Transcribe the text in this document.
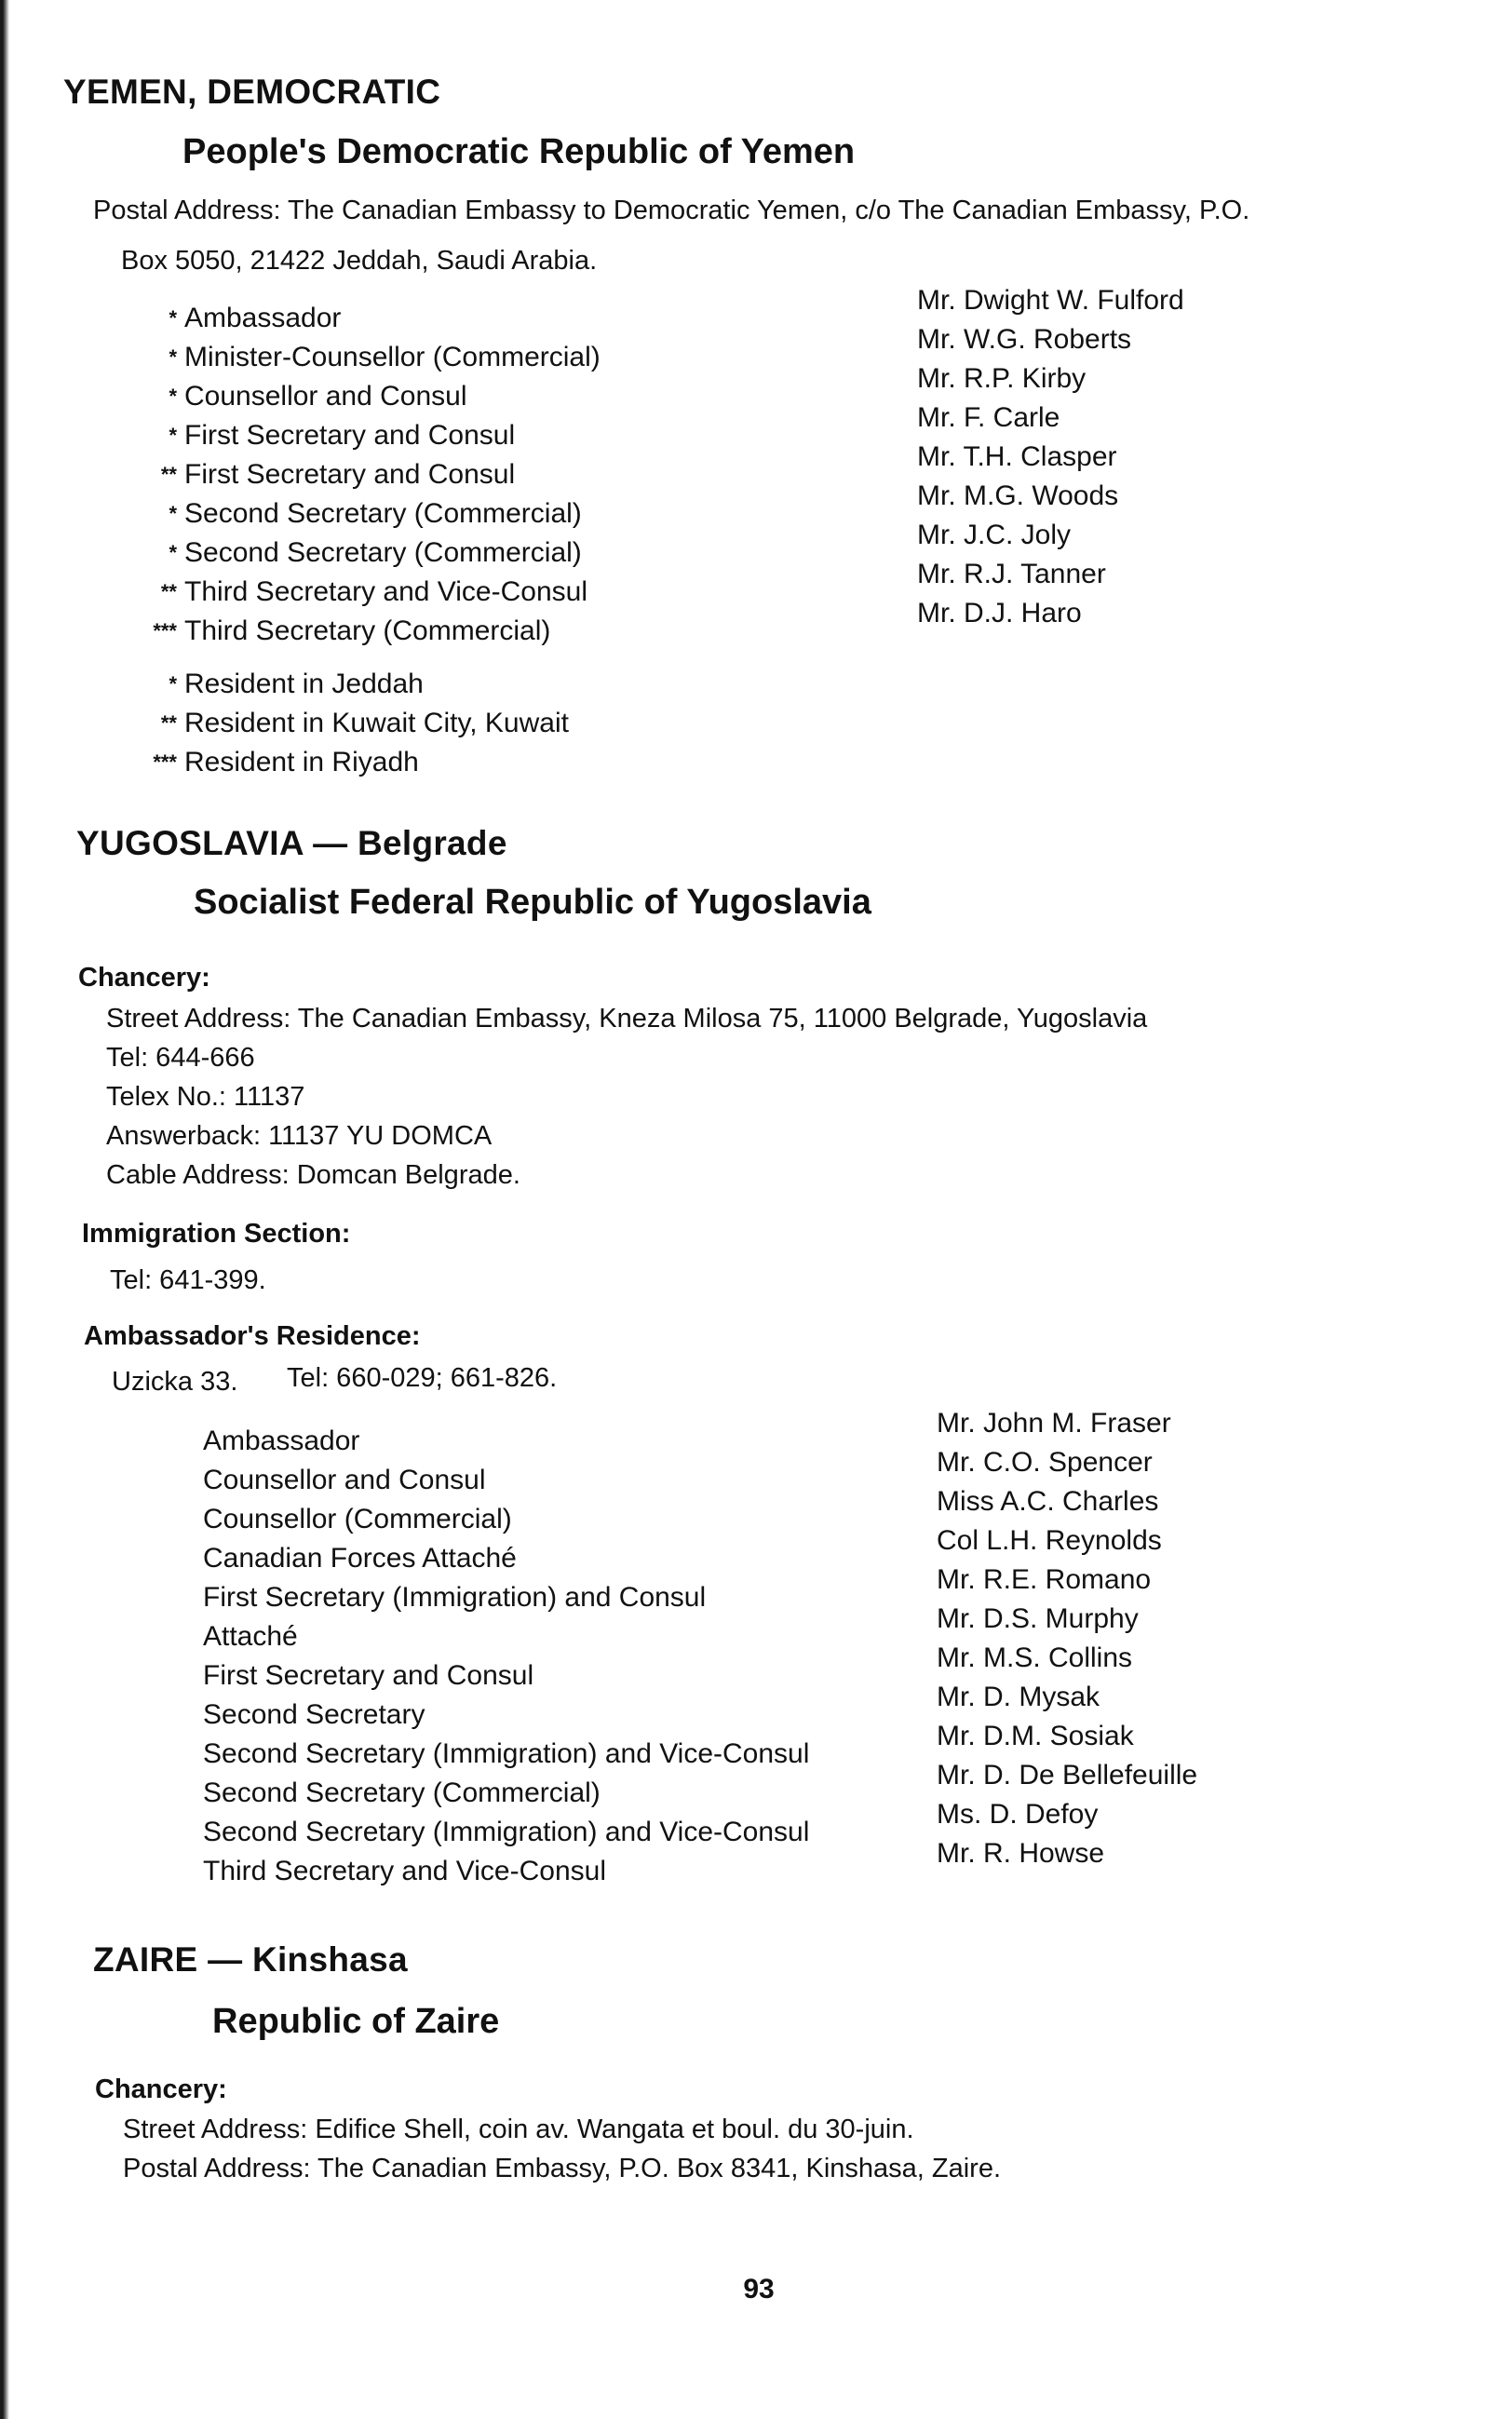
YEMEN, DEMOCRATIC
People's Democratic Republic of Yemen
Postal Address: The Canadian Embassy to Democratic Yemen, c/o The Canadian Embassy, P.O.
Box 5050, 21422 Jeddah, Saudi Arabia.
* Ambassador
* Minister-Counsellor (Commercial)
* Counsellor and Consul
* First Secretary and Consul
** First Secretary and Consul
* Second Secretary (Commercial)
* Second Secretary (Commercial)
** Third Secretary and Vice-Consul
*** Third Secretary (Commercial)
Mr. Dwight W. Fulford
Mr. W.G. Roberts
Mr. R.P. Kirby
Mr. F. Carle
Mr. T.H. Clasper
Mr. M.G. Woods
Mr. J.C. Joly
Mr. R.J. Tanner
Mr. D.J. Haro
* Resident in Jeddah
** Resident in Kuwait City, Kuwait
*** Resident in Riyadh
YUGOSLAVIA — Belgrade
Socialist Federal Republic of Yugoslavia
Chancery:
Street Address: The Canadian Embassy, Kneza Milosa 75, 11000 Belgrade, Yugoslavia
Tel: 644-666
Telex No.: 11137
Answerback: 11137 YU DOMCA
Cable Address: Domcan Belgrade.
Immigration Section:
Tel: 641-399.
Ambassador's Residence:
Uzicka 33. Tel: 660-029; 661-826.
Ambassador
Counsellor and Consul
Counsellor (Commercial)
Canadian Forces Attaché
First Secretary (Immigration) and Consul
Attaché
First Secretary and Consul
Second Secretary
Second Secretary (Immigration) and Vice-Consul
Second Secretary (Commercial)
Second Secretary (Immigration) and Vice-Consul
Third Secretary and Vice-Consul
Mr. John M. Fraser
Mr. C.O. Spencer
Miss A.C. Charles
Col L.H. Reynolds
Mr. R.E. Romano
Mr. D.S. Murphy
Mr. M.S. Collins
Mr. D. Mysak
Mr. D.M. Sosiak
Mr. D. De Bellefeuille
Ms. D. Defoy
Mr. R. Howse
ZAIRE — Kinshasa
Republic of Zaire
Chancery:
Street Address: Edifice Shell, coin av. Wangata et boul. du 30-juin.
Postal Address: The Canadian Embassy, P.O. Box 8341, Kinshasa, Zaire.
93
